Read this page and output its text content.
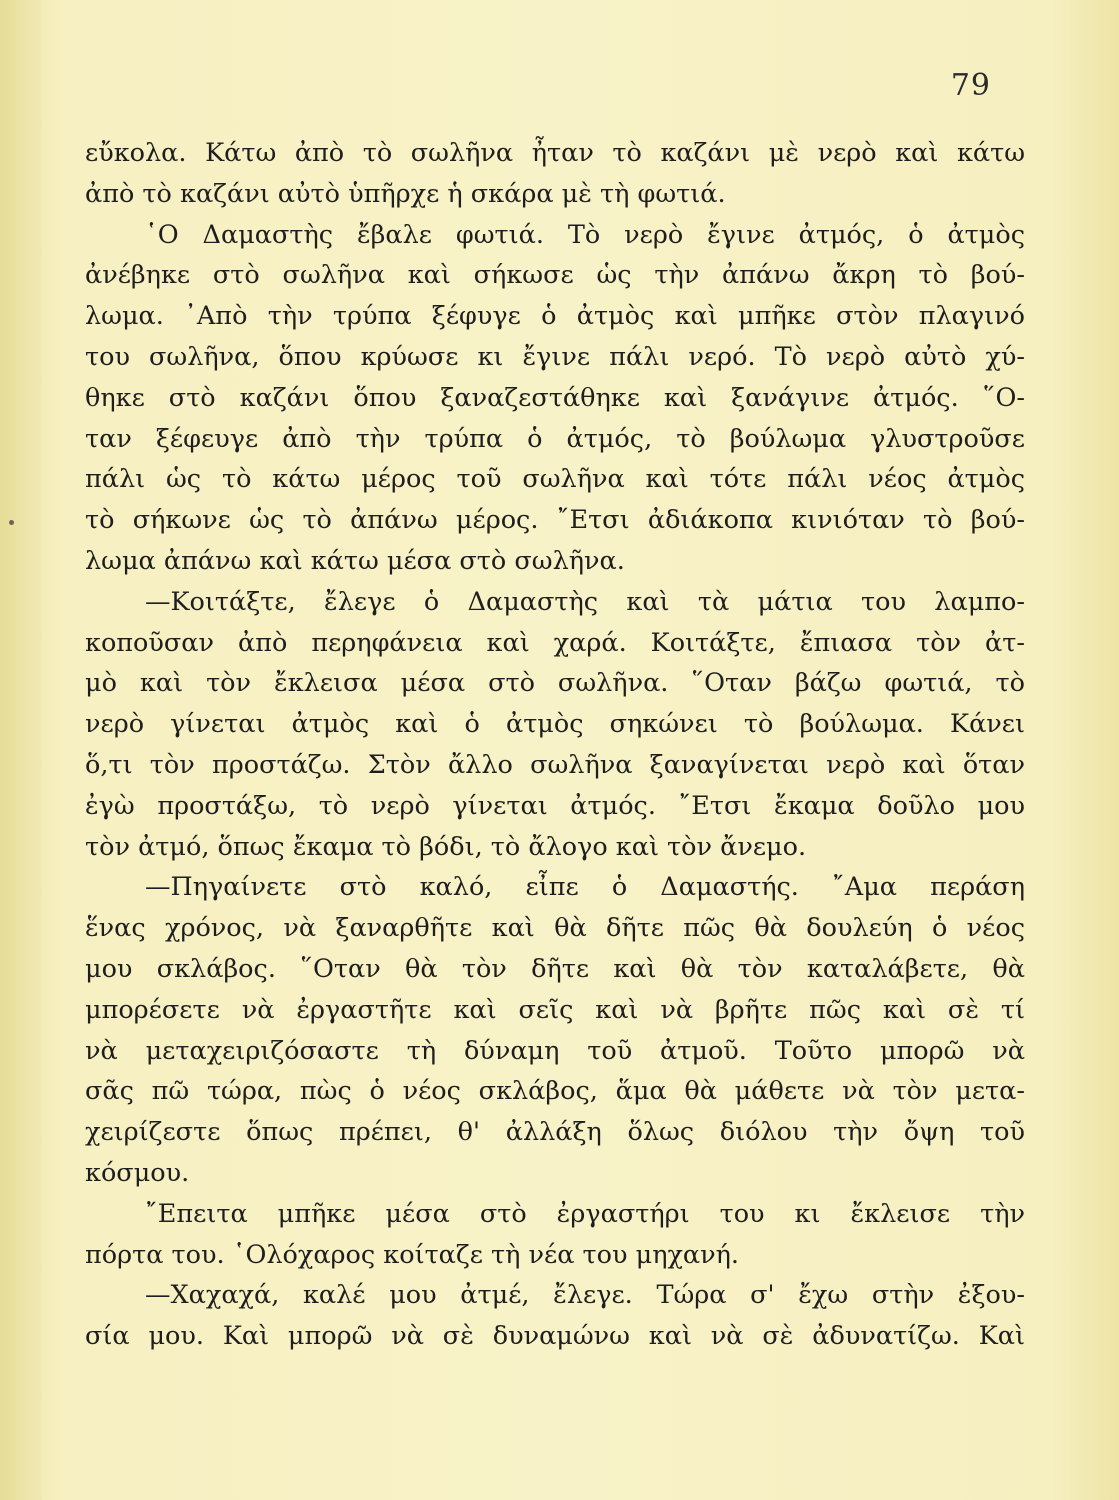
79
εὔκολα. Κάτω ἀπὸ τὸ σωλῆνα ἦταν τὸ καζάνι μὲ νερὸ καὶ κάτω
ἀπὸ τὸ καζάνι αὐτὸ ὑπῆρχε ἡ σκάρα μὲ τὴ φωτιά.
῾Ο Δαμαστὴς ἔβαλε φωτιά. Τὸ νερὸ ἔγινε ἀτμός, ὁ ἀτμὸς
ἀνέβηκε στὸ σωλῆνα καὶ σήκωσε ὡς τὴν ἀπάνω ἄκρη τὸ βού-
λωμα. ᾿Απὸ τὴν τρύπα ξέφυγε ὁ ἀτμὸς καὶ μπῆκε στὸν πλαγινό
του σωλῆνα, ὅπου κρύωσε κι ἔγινε πάλι νερό. Τὸ νερὸ αὐτὸ χύ-
θηκε στὸ καζάνι ὅπου ξαναζεστάθηκε καὶ ξανάγινε ἀτμός. ῞Ο-
ταν ξέφευγε ἀπὸ τὴν τρύπα ὁ ἀτμός, τὸ βούλωμα γλυστροῦσε
πάλι ὡς τὸ κάτω μέρος τοῦ σωλῆνα καὶ τότε πάλι νέος ἀτμὸς
τὸ σήκωνε ὡς τὸ ἀπάνω μέρος. ῎Ετσι ἀδιάκοπα κινιόταν τὸ βού-
λωμα ἀπάνω καὶ κάτω μέσα στὸ σωλῆνα.
—Κοιτάξτε, ἔλεγε ὁ Δαμαστὴς καὶ τὰ μάτια του λαμπο-
κοποῦσαν ἀπὸ περηφάνεια καὶ χαρά. Κοιτάξτε, ἔπιασα τὸν ἀτ-
μὸ καὶ τὸν ἔκλεισα μέσα στὸ σωλῆνα. ῞Οταν βάζω φωτιά, τὸ
νερὸ γίνεται ἀτμὸς καὶ ὁ ἀτμὸς σηκώνει τὸ βούλωμα. Κάνει
ὅ,τι τὸν προστάζω. Στὸν ἄλλο σωλῆνα ξαναγίνεται νερὸ καὶ ὅταν
ἐγὼ προστάξω, τὸ νερὸ γίνεται ἀτμός. ῎Ετσι ἔκαμα δοῦλο μου
τὸν ἀτμό, ὅπως ἔκαμα τὸ βόδι, τὸ ἄλογο καὶ τὸν ἄνεμο.
—Πηγαίνετε στὸ καλό, εἶπε ὁ Δαμαστής. ῎Αμα περάση
ἕνας χρόνος, νὰ ξαναρθῆτε καὶ θὰ δῆτε πῶς θὰ δουλεύη ὁ νέος
μου σκλάβος. ῞Οταν θὰ τὸν δῆτε καὶ θὰ τὸν καταλάβετε, θὰ
μπορέσετε νὰ ἐργαστῆτε καὶ σεῖς καὶ νὰ βρῆτε πῶς καὶ σὲ τί
νὰ μεταχειριζόσαστε τὴ δύναμη τοῦ ἀτμοῦ. Τοῦτο μπορῶ νὰ
σᾶς πῶ τώρα, πὼς ὁ νέος σκλάβος, ἅμα θὰ μάθετε νὰ τὸν μετα-
χειρίζεστε ὅπως πρέπει, θ' ἀλλάξη ὅλως διόλου τὴν ὄψη τοῦ
κόσμου.
῎Επειτα μπῆκε μέσα στὸ ἐργαστήρι του κι ἔκλεισε τὴν
πόρτα του. ῾Ολόχαρος κοίταζε τὴ νέα του μηχανή.
—Χαχαχά, καλέ μου ἀτμέ, ἔλεγε. Τώρα σ' ἔχω στὴν ἐξου-
σία μου. Καὶ μπορῶ νὰ σὲ δυναμώνω καὶ νὰ σὲ ἀδυνατίζω. Καὶ
